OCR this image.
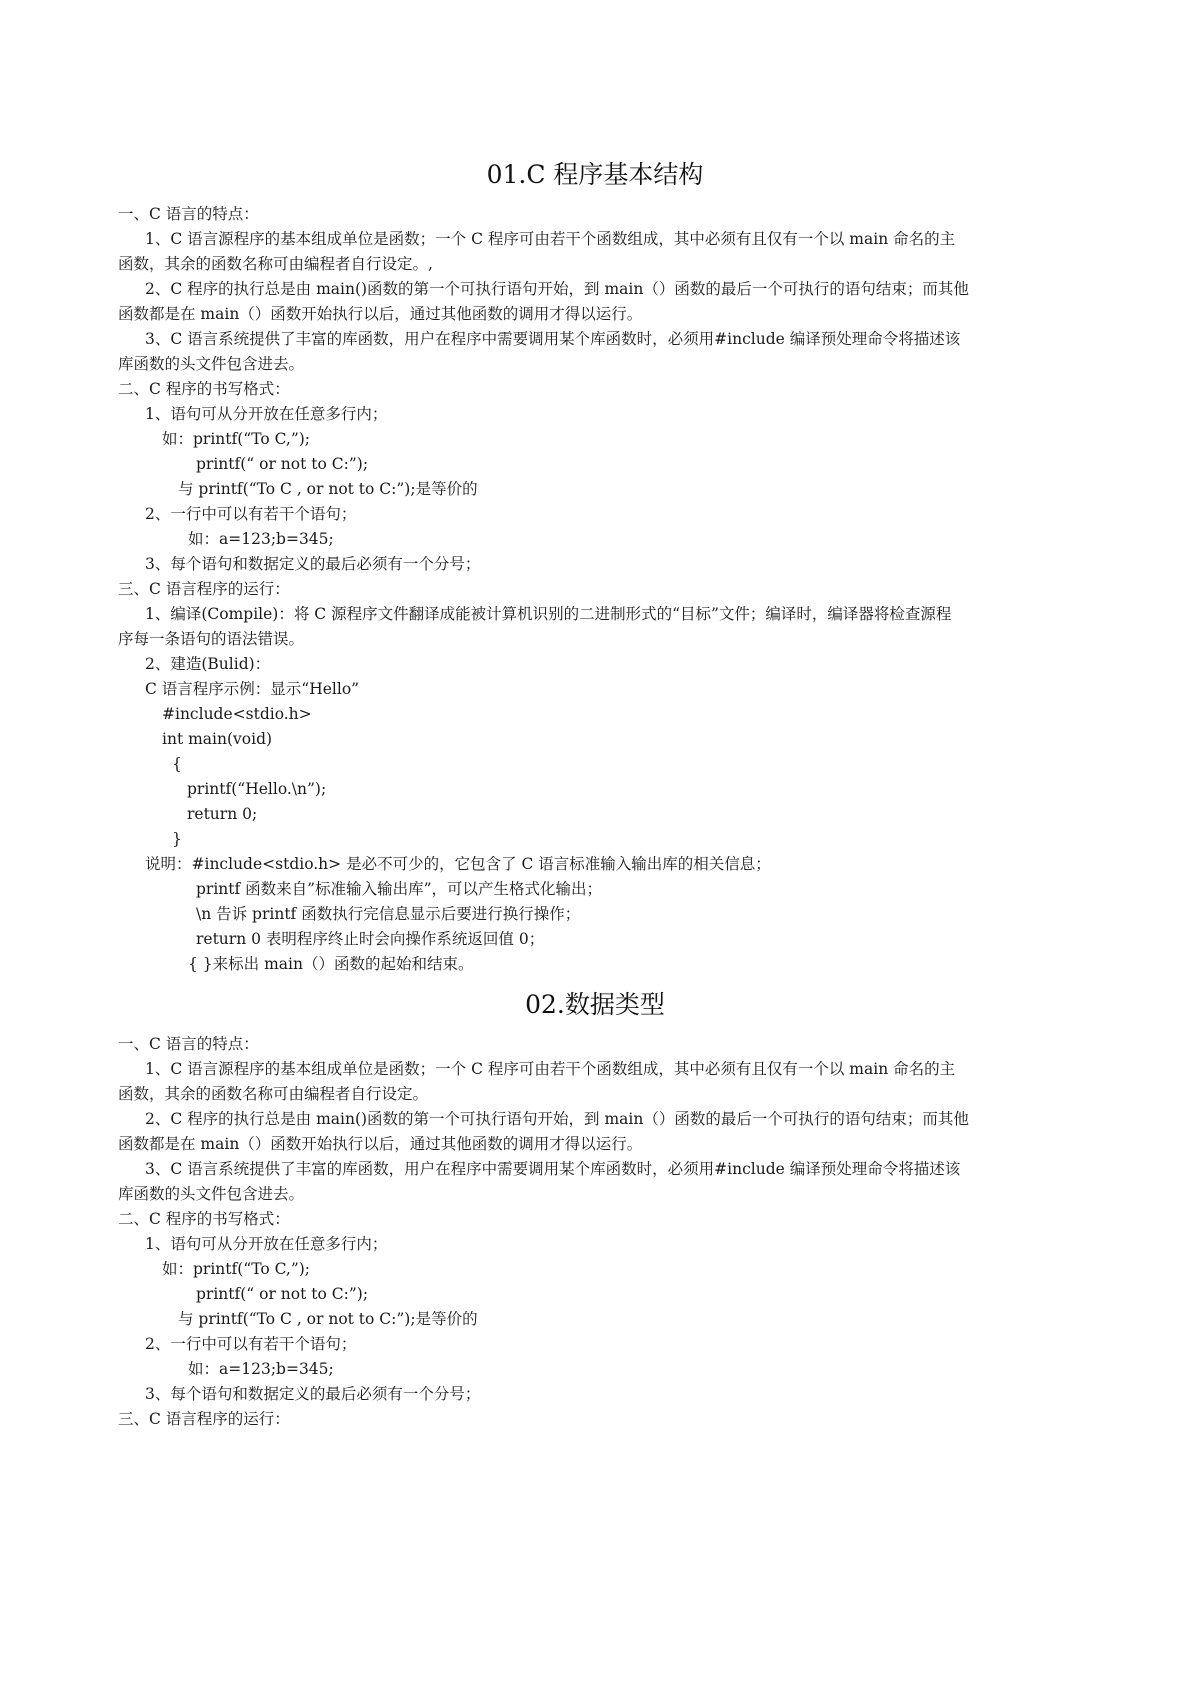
01.C 程序基本结构
一、C 语言的特点：
1、C 语言源程序的基本组成单位是函数；一个 C 程序可由若干个函数组成，其中必须有且仅有一个以 main 命名的主
函数，其余的函数名称可由编程者自行设定。,
2、C 程序的执行总是由 main()函数的第一个可执行语句开始，到 main（）函数的最后一个可执行的语句结束；而其他
函数都是在 main（）函数开始执行以后，通过其他函数的调用才得以运行。
3、C 语言系统提供了丰富的库函数，用户在程序中需要调用某个库函数时，必须用#include 编译预处理命令将描述该
库函数的头文件包含进去。
二、C 程序的书写格式：
1、语句可从分开放在任意多行内；
如：printf(“To C,”);
printf(“ or not to C:”);
与 printf(“To C , or not to C:”);是等价的
2、一行中可以有若干个语句；
如：a=123;b=345;
3、每个语句和数据定义的最后必须有一个分号；
三、C 语言程序的运行：
1、编译(Compile)：将 C 源程序文件翻译成能被计算机识别的二进制形式的“目标”文件；编译时，编译器将检查源程
序每一条语句的语法错误。
2、建造(Bulid)：
C 语言程序示例：显示“Hello”
#include<stdio.h>
int main(void)
{
printf(“Hello.\n”);
return 0;
}
说明：#include<stdio.h> 是必不可少的，它包含了 C 语言标准输入输出库的相关信息；
printf 函数来自”标准输入输出库”，可以产生格式化输出；
\n 告诉 printf 函数执行完信息显示后要进行换行操作；
return 0 表明程序终止时会向操作系统返回值 0；
{ }来标出 main（）函数的起始和结束。
02.数据类型
一、C 语言的特点：
1、C 语言源程序的基本组成单位是函数；一个 C 程序可由若干个函数组成，其中必须有且仅有一个以 main 命名的主
函数，其余的函数名称可由编程者自行设定。
2、C 程序的执行总是由 main()函数的第一个可执行语句开始，到 main（）函数的最后一个可执行的语句结束；而其他
函数都是在 main（）函数开始执行以后，通过其他函数的调用才得以运行。
3、C 语言系统提供了丰富的库函数，用户在程序中需要调用某个库函数时，必须用#include 编译预处理命令将描述该
库函数的头文件包含进去。
二、C 程序的书写格式：
1、语句可从分开放在任意多行内；
如：printf(“To C,”);
printf(“ or not to C:”);
与 printf(“To C , or not to C:”);是等价的
2、一行中可以有若干个语句；
如：a=123;b=345;
3、每个语句和数据定义的最后必须有一个分号；
三、C 语言程序的运行：
